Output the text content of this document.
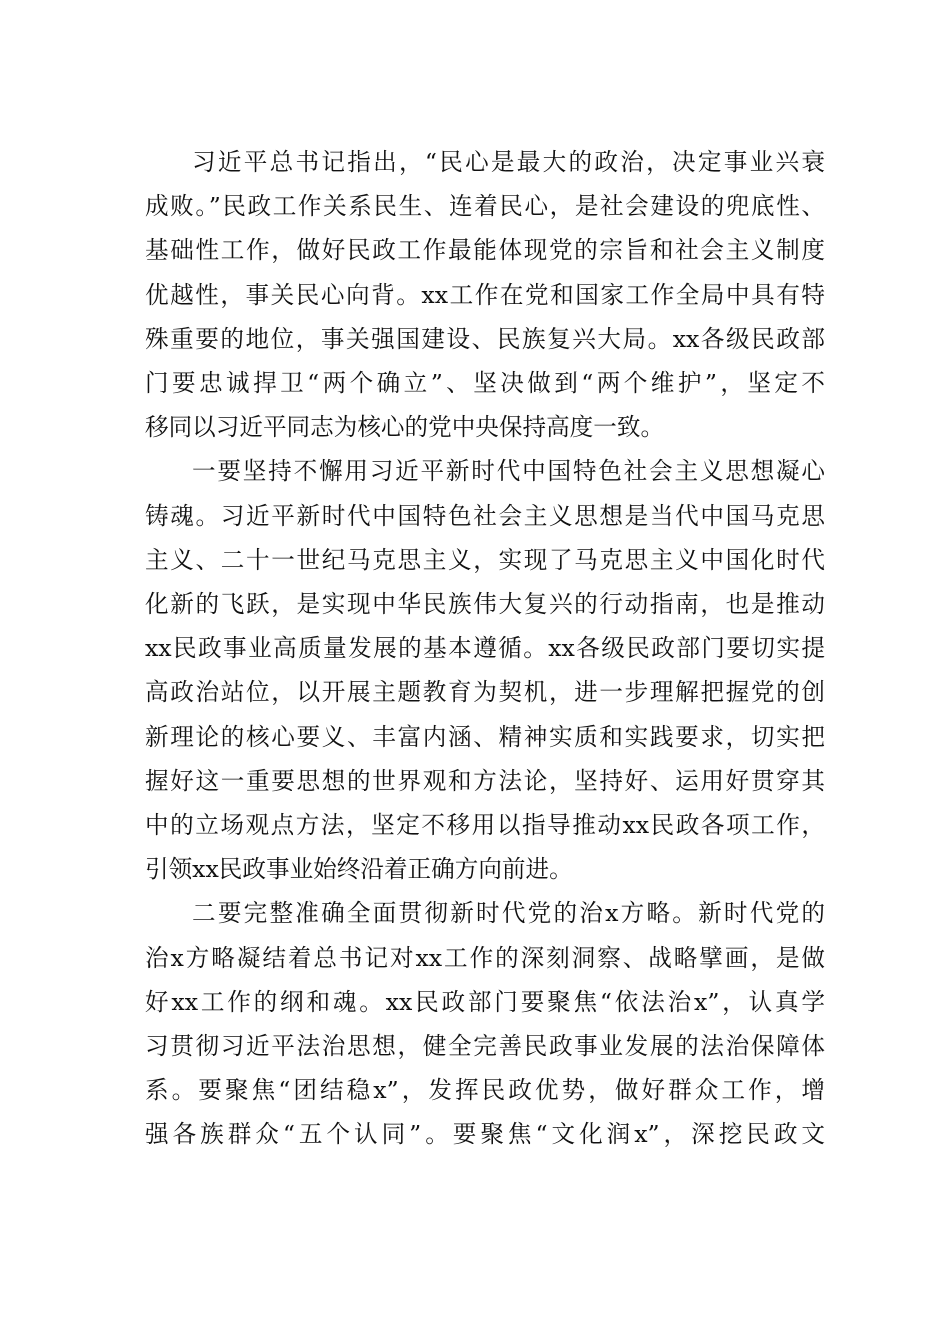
习近平总书记指出，“民心是最大的政治，决定事业兴衰
成败。”民政工作关系民生、连着民心，是社会建设的兜底性、
基础性工作，做好民政工作最能体现党的宗旨和社会主义制度
优越性，事关民心向背。xx工作在党和国家工作全局中具有特
殊重要的地位，事关强国建设、民族复兴大局。xx各级民政部
门要忠诚捍卫“两个确立”、坚决做到“两个维护”，坚定不
移同以习近平同志为核心的党中央保持高度一致。

一要坚持不懈用习近平新时代中国特色社会主义思想凝心
铸魂。习近平新时代中国特色社会主义思想是当代中国马克思
主义、二十一世纪马克思主义，实现了马克思主义中国化时代
化新的飞跃，是实现中华民族伟大复兴的行动指南，也是推动
xx民政事业高质量发展的基本遵循。xx各级民政部门要切实提
高政治站位，以开展主题教育为契机，进一步理解把握党的创
新理论的核心要义、丰富内涵、精神实质和实践要求，切实把
握好这一重要思想的世界观和方法论，坚持好、运用好贯穿其
中的立场观点方法，坚定不移用以指导推动xx民政各项工作，
引领xx民政事业始终沿着正确方向前进。

二要完整准确全面贯彻新时代党的治x方略。新时代党的
治x方略凝结着总书记对xx工作的深刻洞察、战略擘画，是做
好xx工作的纲和魂。xx民政部门要聚焦“依法治x”，认真学
习贯彻习近平法治思想，健全完善民政事业发展的法治保障体
系。要聚焦“团结稳x”，发挥民政优势，做好群众工作，增
强各族群众“五个认同”。要聚焦“文化润x”，深挖民政文
